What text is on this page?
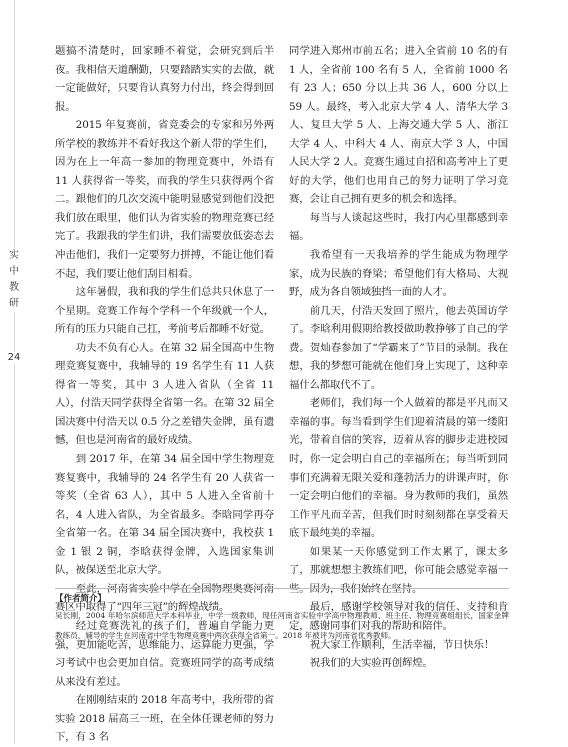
实中教研
24

题搞不清楚时，回家睡不着觉，会研究到后半夜。我相信天道酬勤，只要踏踏实实的去做，就一定能做好，只要肯认真努力付出，终会得到回报。

2015 年复赛前，省竞委会的专家和另外两所学校的教练并不看好我这个新人带的学生们，因为在上一年高一参加的物理竞赛中，外语有 11 人获得省一等奖，而我的学生只获得两个省二。跟他们的几次交流中能明显感觉到他们没把我们放在眼里，他们认为省实验的物理竞赛已经完了。我跟我的学生们讲，我们需要放低姿态去冲击他们，我们一定要努力拼搏，不能让他们看不起，我们要让他们刮目相看。

这年暑假，我和我的学生们总共只休息了一个星期。竞赛工作每个学科一个年级就一个人，所有的压力只能自己扛，考前考后都睡不好觉。

功夫不负有心人。在第 32 届全国高中生物理竞赛复赛中，我辅导的 19 名学生有 11 人获得省一等奖，其中 3 人进入省队（全省 11 人），付浩天同学获得全省第一名。在第 32 届全国决赛中付浩天以 0.5 分之差错失金牌，虽有遗憾，但也是河南省的最好成绩。

到 2017 年，在第 34 届全国中学生物理竞赛复赛中，我辅导的 24 名学生有 20 人获省一等奖（全省 63 人），其中 5 人进入全省前十名，4 人进入省队，为全省最多。李晗同学再夺全省第一名。在第 34 届全国决赛中，我校获 1 金 1 银 2 铜，李晗获得金牌，入选国家集训队，被保送至北京大学。

赛区中取得了“四年三冠”的辉煌战绩。

经过竞赛洗礼的孩子们，普遍自学能力更强，更加能吃苦，思维能力、运算能力更强，学习考试中也会更加自信。竞赛班同学的高考成绩从来没有差过。

在刚刚结束的 2018 年高考中，我所带的省实验 2018 届高三一班，在全体任课老师的努力下，有 3 名

同学进入郑州市前五名；进入全省前 10 名的有 1 人，全省前 100 名有 5 人，全省前 1000 名有 23 人；650 分以上共 36 人，600 分以上 59 人。最终，考入北京大学 4 人、清华大学 3 人、复旦大学 5 人、上海交通大学 5 人、浙江大学 4 人、中科大 4 人、南京大学 3 人，中国人民大学 2 人。竞赛生通过自招和高考冲上了更好的大学，他们也用自己的努力证明了学习竞赛，会让自己拥有更多的机会和选择。

每当与人谈起这些时，我打内心里都感到幸福。

我希望有一天我培养的学生能成为物理学家，成为民族的脊梁；希望他们有大格局、大视野，成为各自领域独挡一面的人才。

前几天，付浩天发回了照片，他去英国访学了。李晗利用假期给教授做助教挣够了自己的学费。贺灿春参加了“学霸来了”节目的录制。我在想，我的梦想可能就在他们身上实现了，这种幸福什么都取代不了。

老师们，我们每一个人做着的都是平凡而又幸福的事。每当看到学生们迎着清晨的第一缕阳光，带着自信的笑容，迈着从容的脚步走进校园时，你一定会明白自己的幸福所在；每当听到同事们充满着无限关爱和蓬勃活力的讲课声时，你一定会明白他们的幸福。身为教师的我们，虽然工作平凡而辛苦，但我们时时刻刻都在享受着天底下最纯美的幸福。

如果某一天你感觉到工作太累了，课太多了，那就想想主教练们吧，你可能会感觉幸福一

最后，感谢学校领导对我的信任、支持和肯定，感谢同事们对我的帮助和陪伴。

祝大家工作顺利，生活幸福，节日快乐！

祝我们的大实验再创辉煌。

【作者简介】

吴长刚，2004 年哈尔滨师范大学本科毕业，中学一级教师，现任河南省实验中学高中物理教师、班主任、物理竞赛组组长，国家金牌教练员，辅导的学生在河南省中学生物理竞赛中两次获得全省第一。2018 年被评为河南省优秀教师。
